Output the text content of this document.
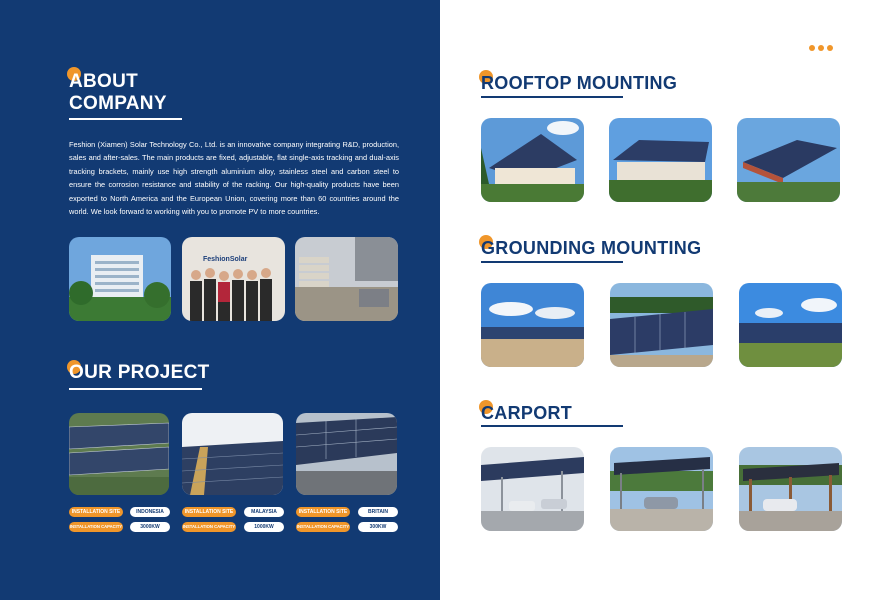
ABOUT
COMPANY
Feshion (Xiamen) Solar Technology Co., Ltd. is an innovative company integrating R&D, production, sales and after-sales. The main products are fixed, adjustable, flat single-axis tracking and dual-axis tracking brackets, mainly use high strength aluminium alloy, stainless steel and carbon steel to ensure the corrosion resistance and stability of the racking. Our high-quality products have been exported to North America and the European Union, covering more than 60 countries around the world. We look forward to working with you to promote PV to more countries.
FeshionSolar
OUR PROJECT
INSTALLATION SITE	INDONESIA	INSTALLATION SITE	MALAYSIA	INSTALLATION SITE	BRITAIN
INSTALLATION CAPACITY	3000KW	INSTALLATION CAPACITY	1000KW	INSTALLATION CAPACITY	300KW
ROOFTOP MOUNTING
GROUNDING MOUNTING
CARPORT
